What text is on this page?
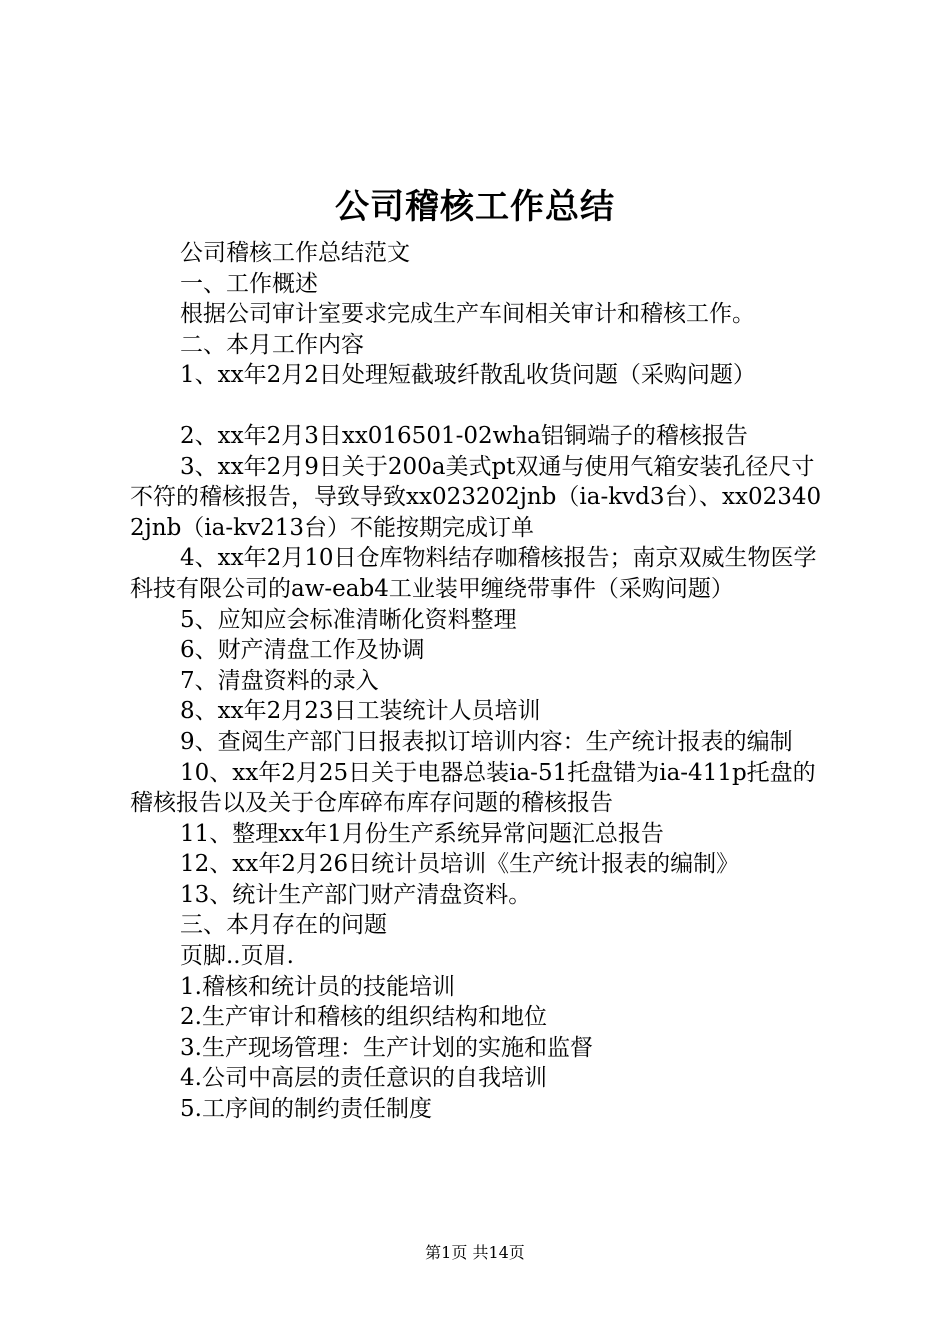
公司稽核工作总结

公司稽核工作总结范文

一、工作概述

根据公司审计室要求完成生产车间相关审计和稽核工作。

二、本月工作内容

1、xx年2月2日处理短截玻纤散乱收货问题（采购问题）

2、xx年2月3日xx016501-02wha铝铜端子的稽核报告

3、xx年2月9日关于200a美式pt双通与使用气箱安装孔径尺寸不符的稽核报告，导致导致xx023202jnb（ia-kvd3台）、xx023402jnb（ia-kv213台）不能按期完成订单

4、xx年2月10日仓库物料结存咖稽核报告；南京双威生物医学科技有限公司的aw-eab4工业装甲缠绕带事件（采购问题）

5、应知应会标准清晰化资料整理

6、财产清盘工作及协调

7、清盘资料的录入

8、xx年2月23日工装统计人员培训

9、查阅生产部门日报表拟订培训内容：生产统计报表的编制

10、xx年2月25日关于电器总装ia-51托盘错为ia-411p托盘的稽核报告以及关于仓库碎布库存问题的稽核报告

11、整理xx年1月份生产系统异常问题汇总报告

12、xx年2月26日统计员培训《生产统计报表的编制》

13、统计生产部门财产清盘资料。

三、本月存在的问题

页脚..页眉.

1.稽核和统计员的技能培训

2.生产审计和稽核的组织结构和地位

3.生产现场管理：生产计划的实施和监督

4.公司中高层的责任意识的自我培训

5.工序间的制约责任制度

第1页 共14页
